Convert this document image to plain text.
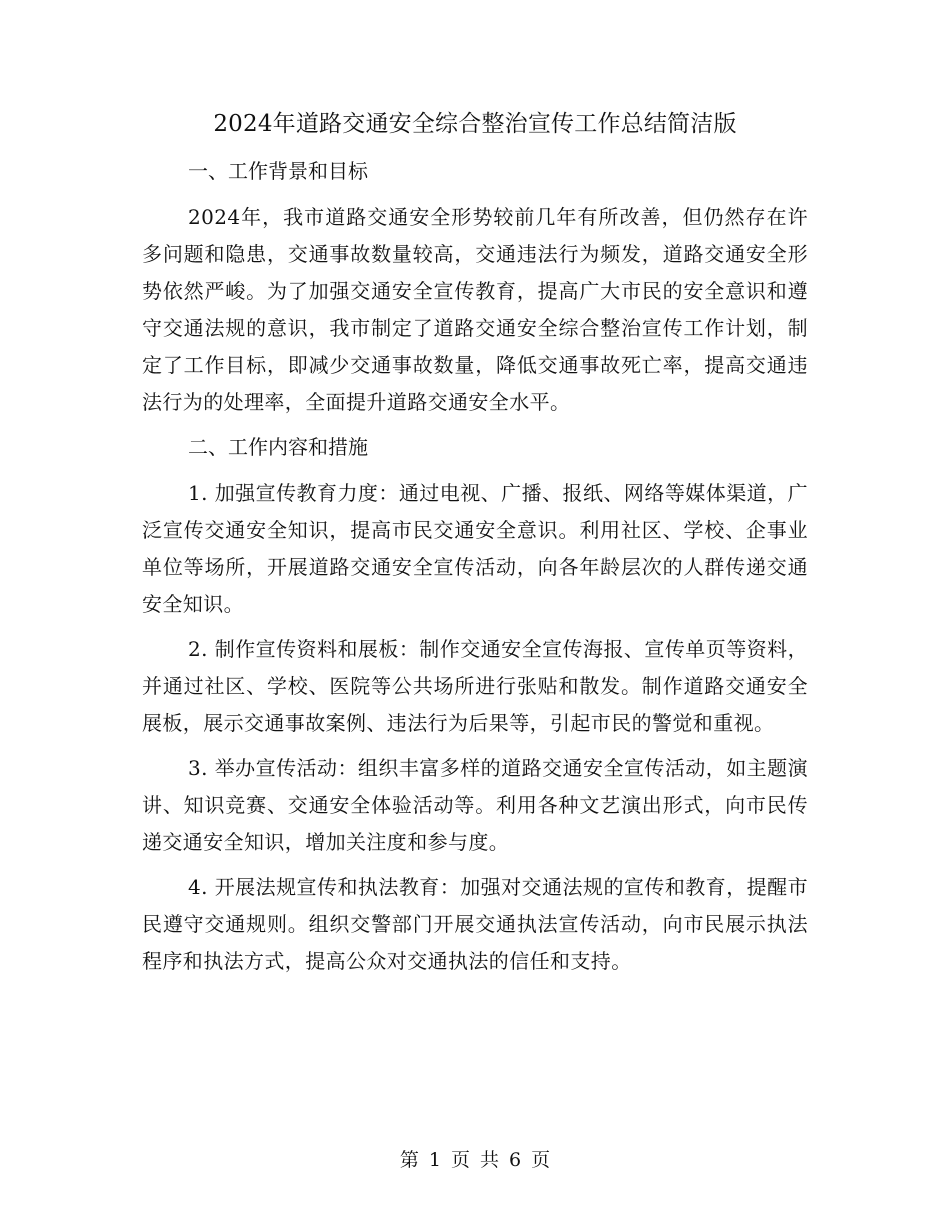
2024年道路交通安全综合整治宣传工作总结简洁版
一、工作背景和目标

2024年，我市道路交通安全形势较前几年有所改善，但仍然存在许多问题和隐患，交通事故数量较高，交通违法行为频发，道路交通安全形势依然严峻。为了加强交通安全宣传教育，提高广大市民的安全意识和遵守交通法规的意识，我市制定了道路交通安全综合整治宣传工作计划，制定了工作目标，即减少交通事故数量，降低交通事故死亡率，提高交通违法行为的处理率，全面提升道路交通安全水平。

二、工作内容和措施

1. 加强宣传教育力度：通过电视、广播、报纸、网络等媒体渠道，广泛宣传交通安全知识，提高市民交通安全意识。利用社区、学校、企事业单位等场所，开展道路交通安全宣传活动，向各年龄层次的人群传递交通安全知识。

2. 制作宣传资料和展板：制作交通安全宣传海报、宣传单页等资料，并通过社区、学校、医院等公共场所进行张贴和散发。制作道路交通安全展板，展示交通事故案例、违法行为后果等，引起市民的警觉和重视。

3. 举办宣传活动：组织丰富多样的道路交通安全宣传活动，如主题演讲、知识竞赛、交通安全体验活动等。利用各种文艺演出形式，向市民传递交通安全知识，增加关注度和参与度。

4. 开展法规宣传和执法教育：加强对交通法规的宣传和教育，提醒市民遵守交通规则。组织交警部门开展交通执法宣传活动，向市民展示执法程序和执法方式，提高公众对交通执法的信任和支持。

第 1 页 共 6 页
